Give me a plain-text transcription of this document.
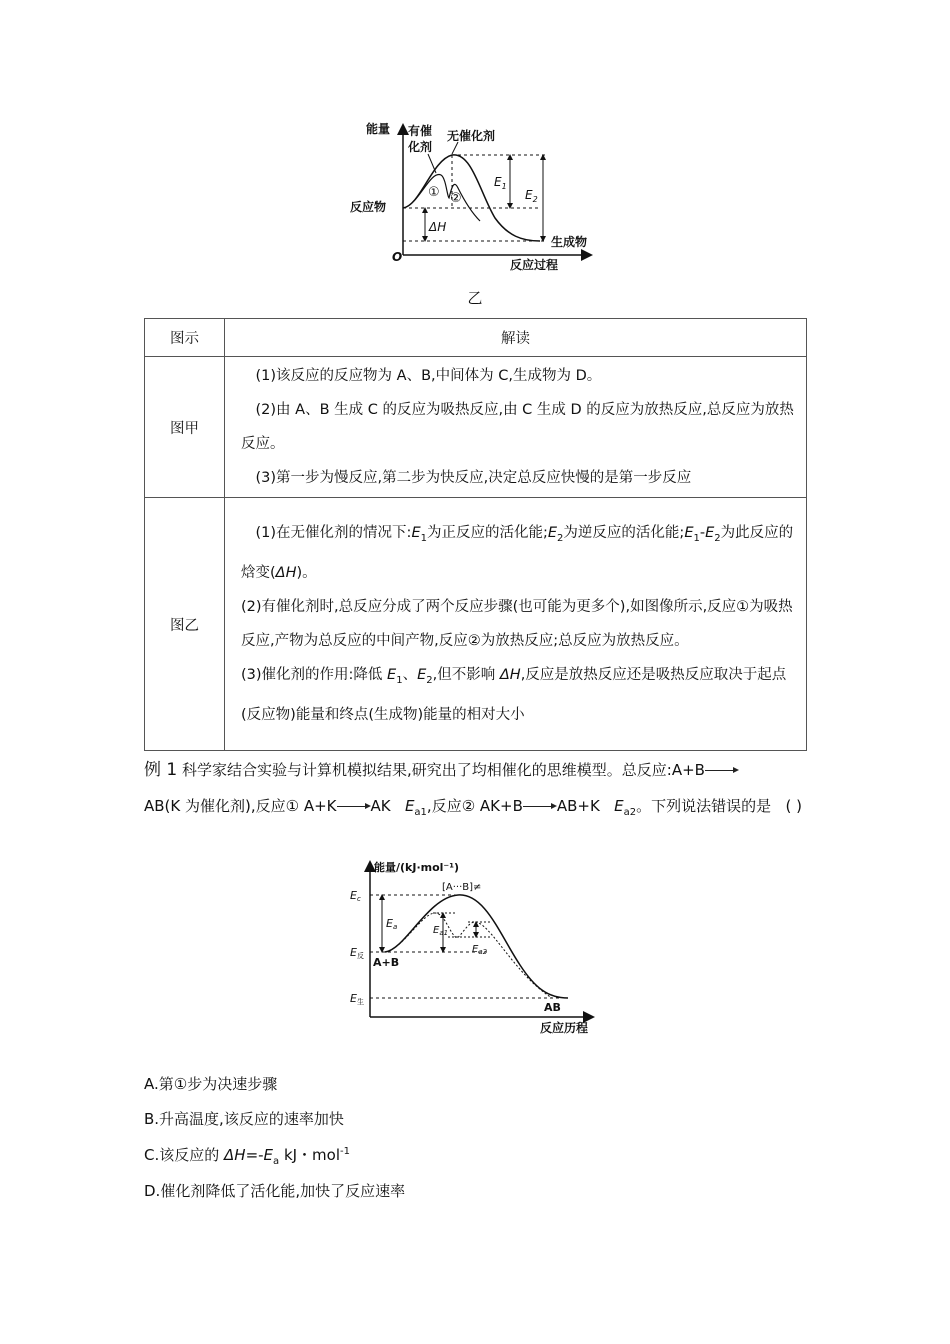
能量 有催
化剂
无催化剂
① ②
反应物
$E_1$
$E_2$
ΔH
生成物
O
反应过程
乙
图示	解读
图甲	(1)该反应的反应物为 A、B,中间体为 C,生成物为 D。
(2)由 A、B 生成 C 的反应为吸热反应,由 C 生成 D 的反应为放热反应,总反应为放热反应。
(3)第一步为慢反应,第二步为快反应,决定总反应快慢的是第一步反应

图乙	(1)在无催化剂的情况下$:E_1$为正反应的活化能$;E_2$为逆反应的活化能$;E_1-E_2$为此反应的焓变(ΔH)。
(2)有催化剂时,总反应分成了两个反应步骤(也可能为更多个),如图像所示,反应①为吸热反应,产物为总反应的中间产物,反应②为放热反应;总反应为放热反应。
(3)催化剂的作用:降低 $E_1$、$E_2$,但不影响 ΔH,反应是放热反应还是吸热反应取决于起点(反应物)能量和终点(生成物)能量的相对大小
例 1 科学家结合实验与计算机模拟结果,研究出了均相催化的思维模型。总反应:A+B
AB(K 为催化剂),反应① A+K AK $E_{a1}$,反应② AK+B AB+K $E_{a2}$。下列说法错误的是 ( )
能量/(kJ·mol⁻¹)
[A···B]≠
Ec
Ea	$E_{a1}$
$E_{a2}$
E反 A+B
E生	AB
反应历程
A.第①步为决速步骤
B.升高温度,该反应的速率加快
C.该反应的 $\Delta H=-E_a$ kJ・mol$^{-1}$
D.催化剂降低了活化能,加快了反应速率
